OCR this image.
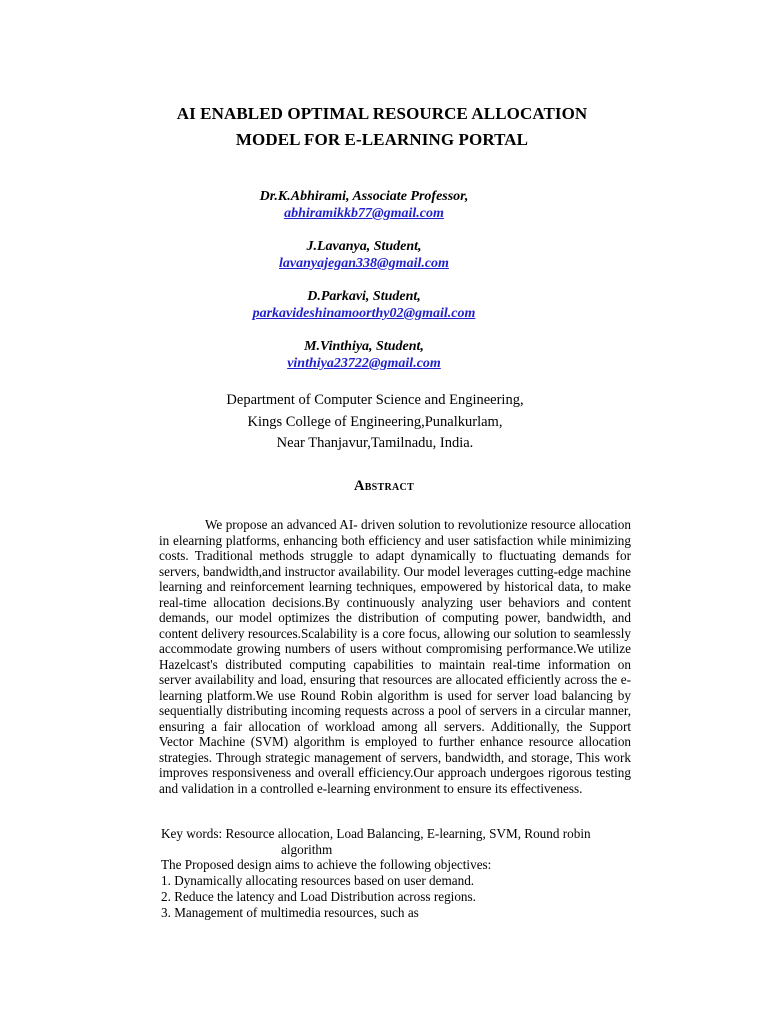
AI ENABLED OPTIMAL RESOURCE ALLOCATION
MODEL FOR E-LEARNING PORTAL
Dr.K.Abhirami, Associate Professor,
abhiramikkb77@gmail.com
J.Lavanya, Student,
lavanyajegan338@gmail.com
D.Parkavi, Student,
parkavideshinamoorthy02@gmail.com
M.Vinthiya, Student,
vinthiya23722@gmail.com
Department of Computer Science and Engineering,
Kings College of Engineering,Punalkurlam,
Near Thanjavur,Tamilnadu, India.
Abstract

We propose an advanced AI- driven solution to revolutionize resource allocation in elearning platforms, enhancing both efficiency and user satisfaction while minimizing costs. Traditional methods struggle to adapt dynamically to fluctuating demands for servers, bandwidth,and instructor availability. Our model leverages cutting-edge machine learning and reinforcement learning techniques, empowered by historical data, to make real-time allocation decisions.By continuously analyzing user behaviors and content demands, our model optimizes the distribution of computing power, bandwidth, and content delivery resources.Scalability is a core focus, allowing our solution to seamlessly accommodate growing numbers of users without compromising performance.We utilize Hazelcast's distributed computing capabilities to maintain real-time information on server availability and load, ensuring that resources are allocated efficiently across the e-learning platform.We use Round Robin algorithm is used for server load balancing by sequentially distributing incoming requests across a pool of servers in a circular manner, ensuring a fair allocation of workload among all servers. Additionally, the Support Vector Machine (SVM) algorithm is employed to further enhance resource allocation strategies. Through strategic management of servers, bandwidth, and storage, This work improves responsiveness and overall efficiency.Our approach undergoes rigorous testing and validation in a controlled e-learning environment to ensure its effectiveness.

Key words: Resource allocation, Load Balancing, E-learning, SVM, Round robin
algorithm

The Proposed design aims to achieve the following objectives:
1. Dynamically allocating resources based on user demand.
2. Reduce the latency and Load Distribution across regions.
3. Management of multimedia resources, such as
